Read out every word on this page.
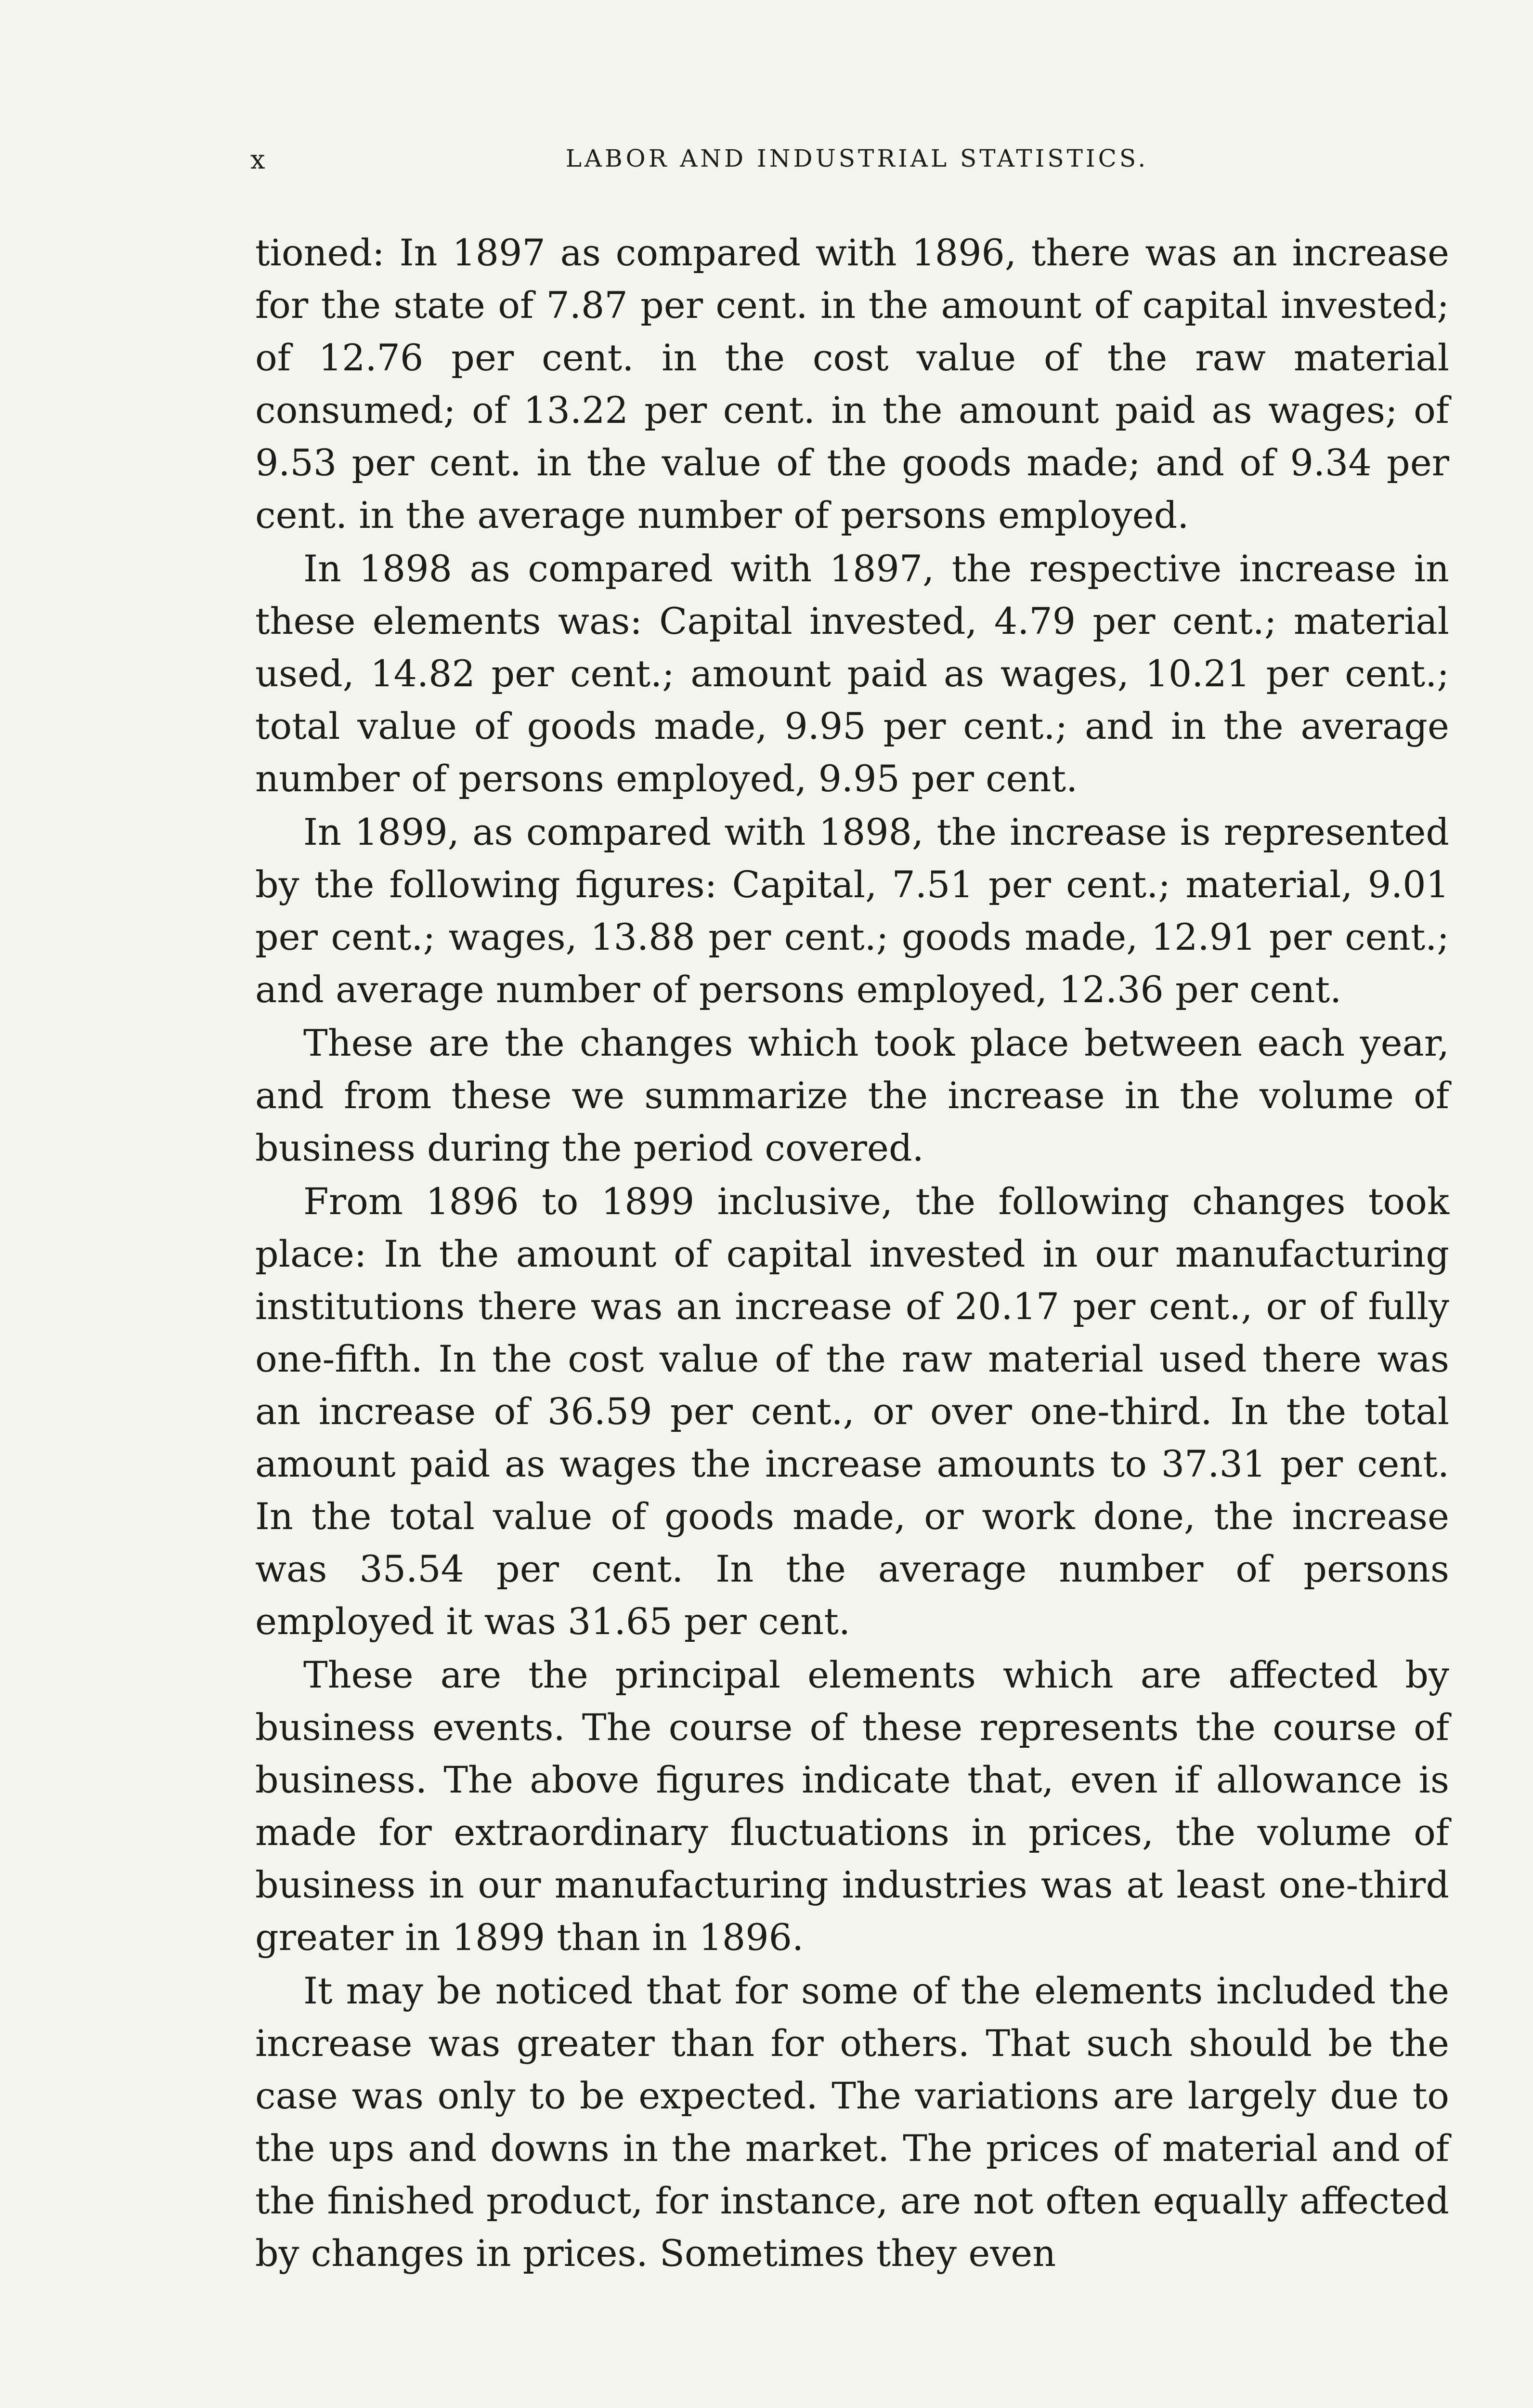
x	LABOR AND INDUSTRIAL STATISTICS.

tioned: In 1897 as compared with 1896, there was an increase for the state of 7.87 per cent. in the amount of capital invested; of 12.76 per cent. in the cost value of the raw material consumed; of 13.22 per cent. in the amount paid as wages; of 9.53 per cent. in the value of the goods made; and of 9.34 per cent. in the average number of persons employed.

In 1898 as compared with 1897, the respective increase in these elements was: Capital invested, 4.79 per cent.; material used, 14.82 per cent.; amount paid as wages, 10.21 per cent.; total value of goods made, 9.95 per cent.; and in the average number of persons employed, 9.95 per cent.

In 1899, as compared with 1898, the increase is represented by the following figures: Capital, 7.51 per cent.; material, 9.01 per cent.; wages, 13.88 per cent.; goods made, 12.91 per cent.; and average number of persons employed, 12.36 per cent.

These are the changes which took place between each year, and from these we summarize the increase in the volume of business during the period covered.

From 1896 to 1899 inclusive, the following changes took place: In the amount of capital invested in our manufacturing institutions there was an increase of 20.17 per cent., or of fully one-fifth. In the cost value of the raw material used there was an increase of 36.59 per cent., or over one-third. In the total amount paid as wages the increase amounts to 37.31 per cent. In the total value of goods made, or work done, the increase was 35.54 per cent. In the average number of persons employed it was 31.65 per cent.

These are the principal elements which are affected by business events. The course of these represents the course of business. The above figures indicate that, even if allowance is made for extraordinary fluctuations in prices, the volume of business in our manufacturing industries was at least one-third greater in 1899 than in 1896.

It may be noticed that for some of the elements included the increase was greater than for others. That such should be the case was only to be expected. The variations are largely due to the ups and downs in the market. The prices of material and of the finished product, for instance, are not often equally affected by changes in prices. Sometimes they even
